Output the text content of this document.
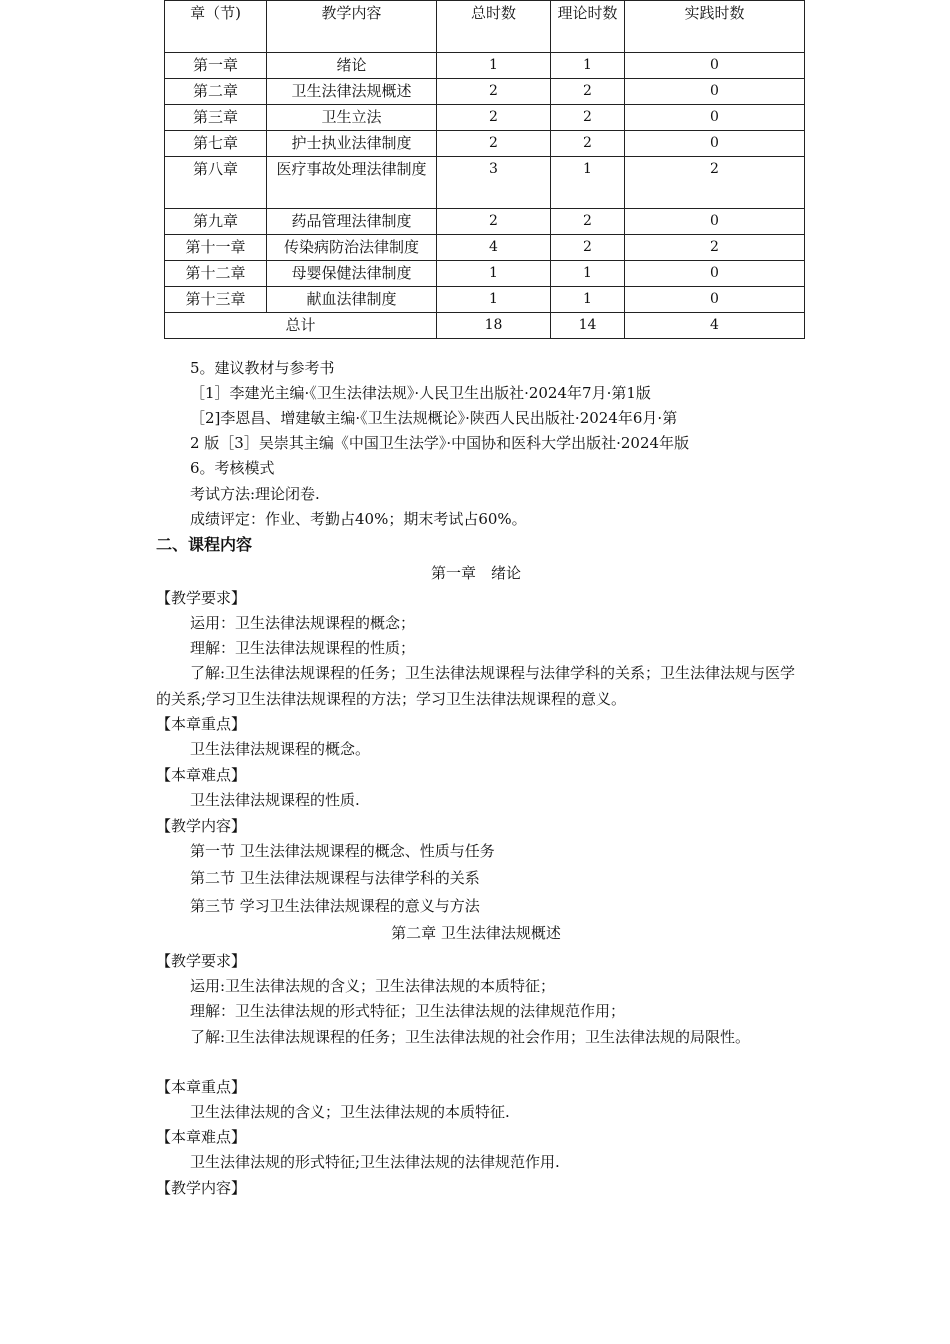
章（节)	教学内容	总时数	理论时数	实践时数
第一章	绪论	1	1	0
第二章	卫生法律法规概述	2	2	0
第三章	卫生立法	2	2	0
第七章	护士执业法律制度	2	2	0
第八章	医疗事故处理法律制度	3	1	2
第九章	药品管理法律制度	2	2	0
第十一章	传染病防治法律制度	4	2	2
第十二章	母婴保健法律制度	1	1	0
第十三章	献血法律制度	1	1	0
总计		18	14	4
5。建议教材与参考书
［1］李建光主编·《卫生法律法规》·人民卫生出版社·2024年7月·第1版
［2]李恩昌、增建敏主编·《卫生法规概论》·陕西人民出版社·2024年6月·第
2 版［3］吴崇其主编《中国卫生法学》·中国协和医科大学出版社·2024年版
6。考核模式
考试方法:理论闭卷.
成绩评定：作业、考勤占40%；期末考试占60%。
二、课程内容
第一章　绪论
【教学要求】
运用：卫生法律法规课程的概念；
理解：卫生法律法规课程的性质；
了解:卫生法律法规课程的任务；卫生法律法规课程与法律学科的关系；卫生法律法规与医学的关系;学习卫生法律法规课程的方法；学习卫生法律法规课程的意义。
【本章重点】
卫生法律法规课程的概念。
【本章难点】
卫生法律法规课程的性质.
【教学内容】
第一节 卫生法律法规课程的概念、性质与任务
第二节 卫生法律法规课程与法律学科的关系
第三节 学习卫生法律法规课程的意义与方法
第二章 卫生法律法规概述
【教学要求】
运用:卫生法律法规的含义；卫生法律法规的本质特征；
理解：卫生法律法规的形式特征；卫生法律法规的法律规范作用；
了解:卫生法律法规课程的任务；卫生法律法规的社会作用；卫生法律法规的局限性。
【本章重点】
卫生法律法规的含义；卫生法律法规的本质特征.
【本章难点】
卫生法律法规的形式特征;卫生法律法规的法律规范作用.
【教学内容】
